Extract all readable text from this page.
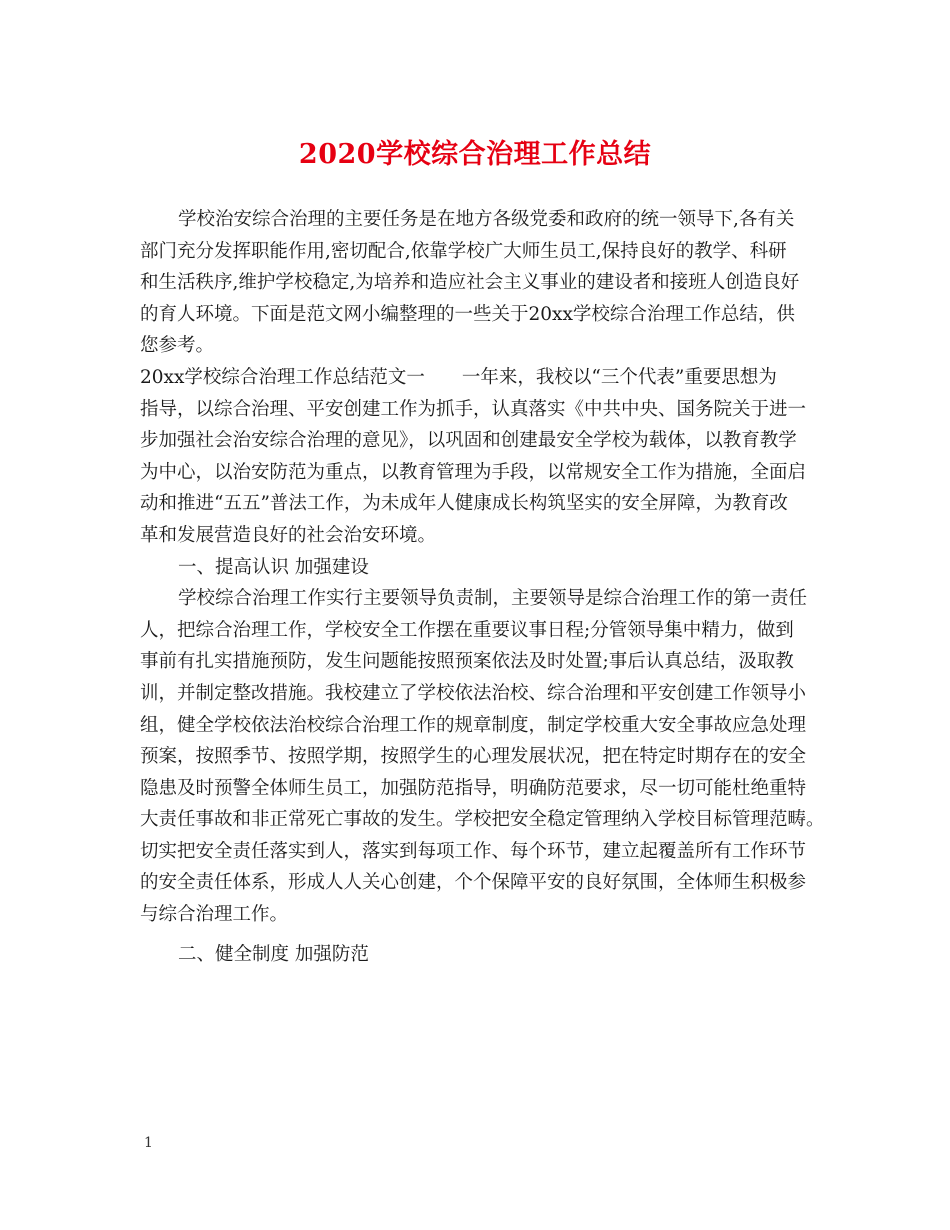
2020学校综合治理工作总结
学校治安综合治理的主要任务是在地方各级党委和政府的统一领导下,各有关
部门充分发挥职能作用,密切配合,依靠学校广大师生员工,保持良好的教学、科研
和生活秩序,维护学校稳定,为培养和造应社会主义事业的建设者和接班人创造良好
的育人环境。下面是范文网小编整理的一些关于20xx学校综合治理工作总结，供
您参考。
20xx学校综合治理工作总结范文一　　一年来，我校以“三个代表”重要思想为
指导，以综合治理、平安创建工作为抓手，认真落实《中共中央、国务院关于进一
步加强社会治安综合治理的意见》，以巩固和创建最安全学校为载体，以教育教学
为中心，以治安防范为重点，以教育管理为手段，以常规安全工作为措施，全面启
动和推进“五五”普法工作，为未成年人健康成长构筑坚实的安全屏障，为教育改
革和发展营造良好的社会治安环境。
一、提高认识 加强建设
学校综合治理工作实行主要领导负责制，主要领导是综合治理工作的第一责任
人，把综合治理工作，学校安全工作摆在重要议事日程;分管领导集中精力，做到
事前有扎实措施预防，发生问题能按照预案依法及时处置;事后认真总结，汲取教
训，并制定整改措施。我校建立了学校依法治校、综合治理和平安创建工作领导小
组，健全学校依法治校综合治理工作的规章制度，制定学校重大安全事故应急处理
预案，按照季节、按照学期，按照学生的心理发展状况，把在特定时期存在的安全
隐患及时预警全体师生员工，加强防范指导，明确防范要求，尽一切可能杜绝重特
大责任事故和非正常死亡事故的发生。学校把安全稳定管理纳入学校目标管理范畴。
切实把安全责任落实到人，落实到每项工作、每个环节，建立起覆盖所有工作环节
的安全责任体系，形成人人关心创建，个个保障平安的良好氛围，全体师生积极参
与综合治理工作。
二、健全制度 加强防范
1
